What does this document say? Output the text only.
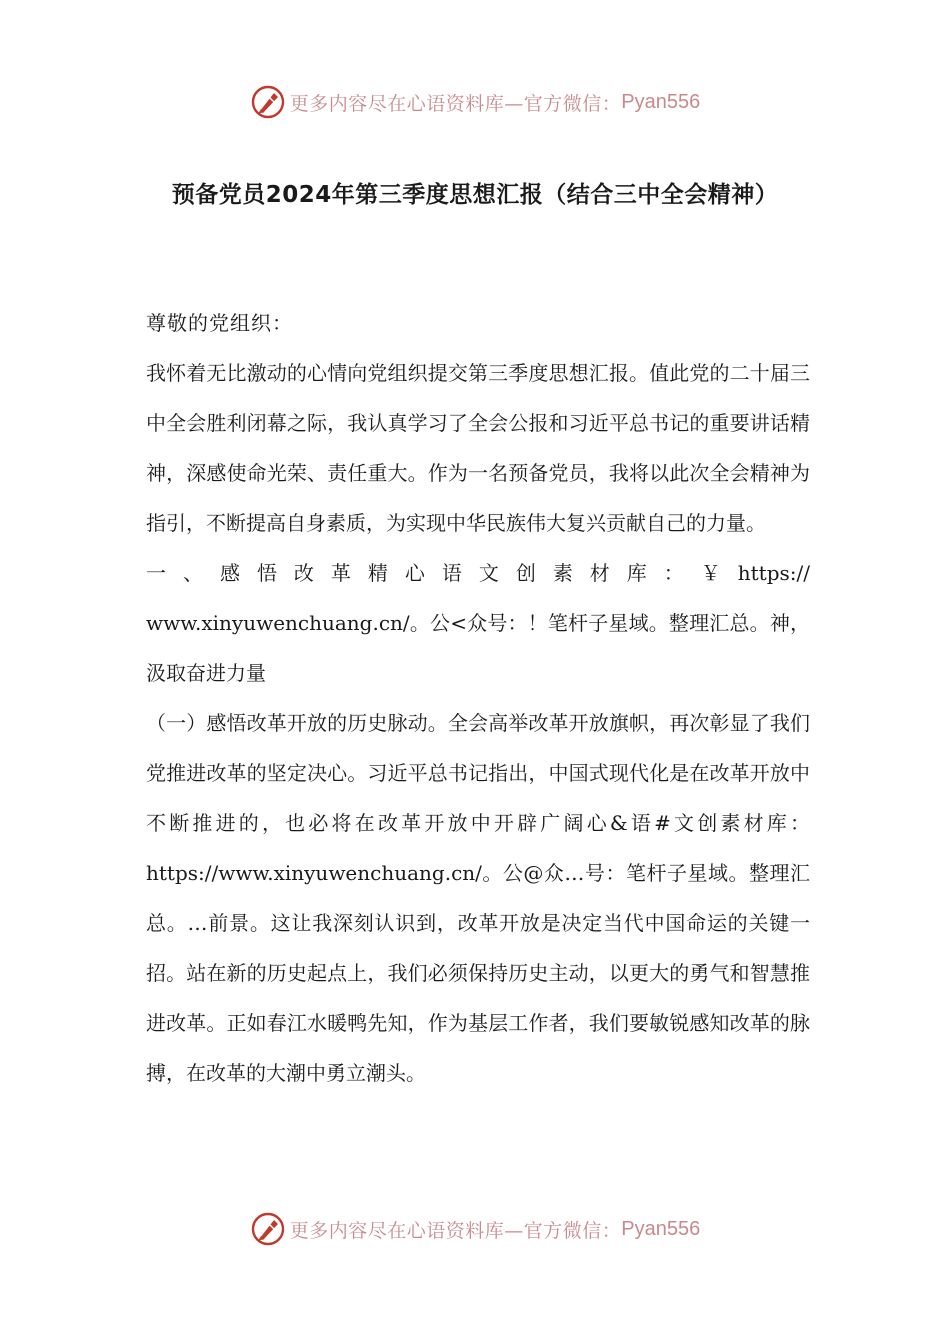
更多内容尽在心语资料库—官方微信： Pyan556
预备党员2024年第三季度思想汇报（结合三中全会精神）

尊敬的党组织：

我怀着无比激动的心情向党组织提交第三季度思想汇报。值此党的二十届三中全会胜利闭幕之际，我认真学习了全会公报和习近平总书记的重要讲话精神，深感使命光荣、责任重大。作为一名预备党员，我将以此次全会精神为指引，不断提高自身素质，为实现中华民族伟大复兴贡献自己的力量。

一 、 感 悟 改 革 精 心 语 文 创 素 材 库 ： ￥ https://

www.xinyuwenchuang.cn/。公<众号：！笔杆子星域。整理汇总。神，汲取奋进力量

（一）感悟改革开放的历史脉动。全会高举改革开放旗帜，再次彰显了我们党推进改革的坚定决心。习近平总书记指出，中国式现代化是在改革开放中不断推进的，也必将在改革开放中开辟广阔心&语#文创素材库：https://www.xinyuwenchuang.cn/。公@众…号：笔杆子星域。整理汇总。…前景。这让我深刻认识到，改革开放是决定当代中国命运的关键一招。站在新的历史起点上，我们必须保持历史主动，以更大的勇气和智慧推进改革。正如春江水暖鸭先知，作为基层工作者，我们要敏锐感知改革的脉搏，在改革的大潮中勇立潮头。

更多内容尽在心语资料库—官方微信： Pyan556
